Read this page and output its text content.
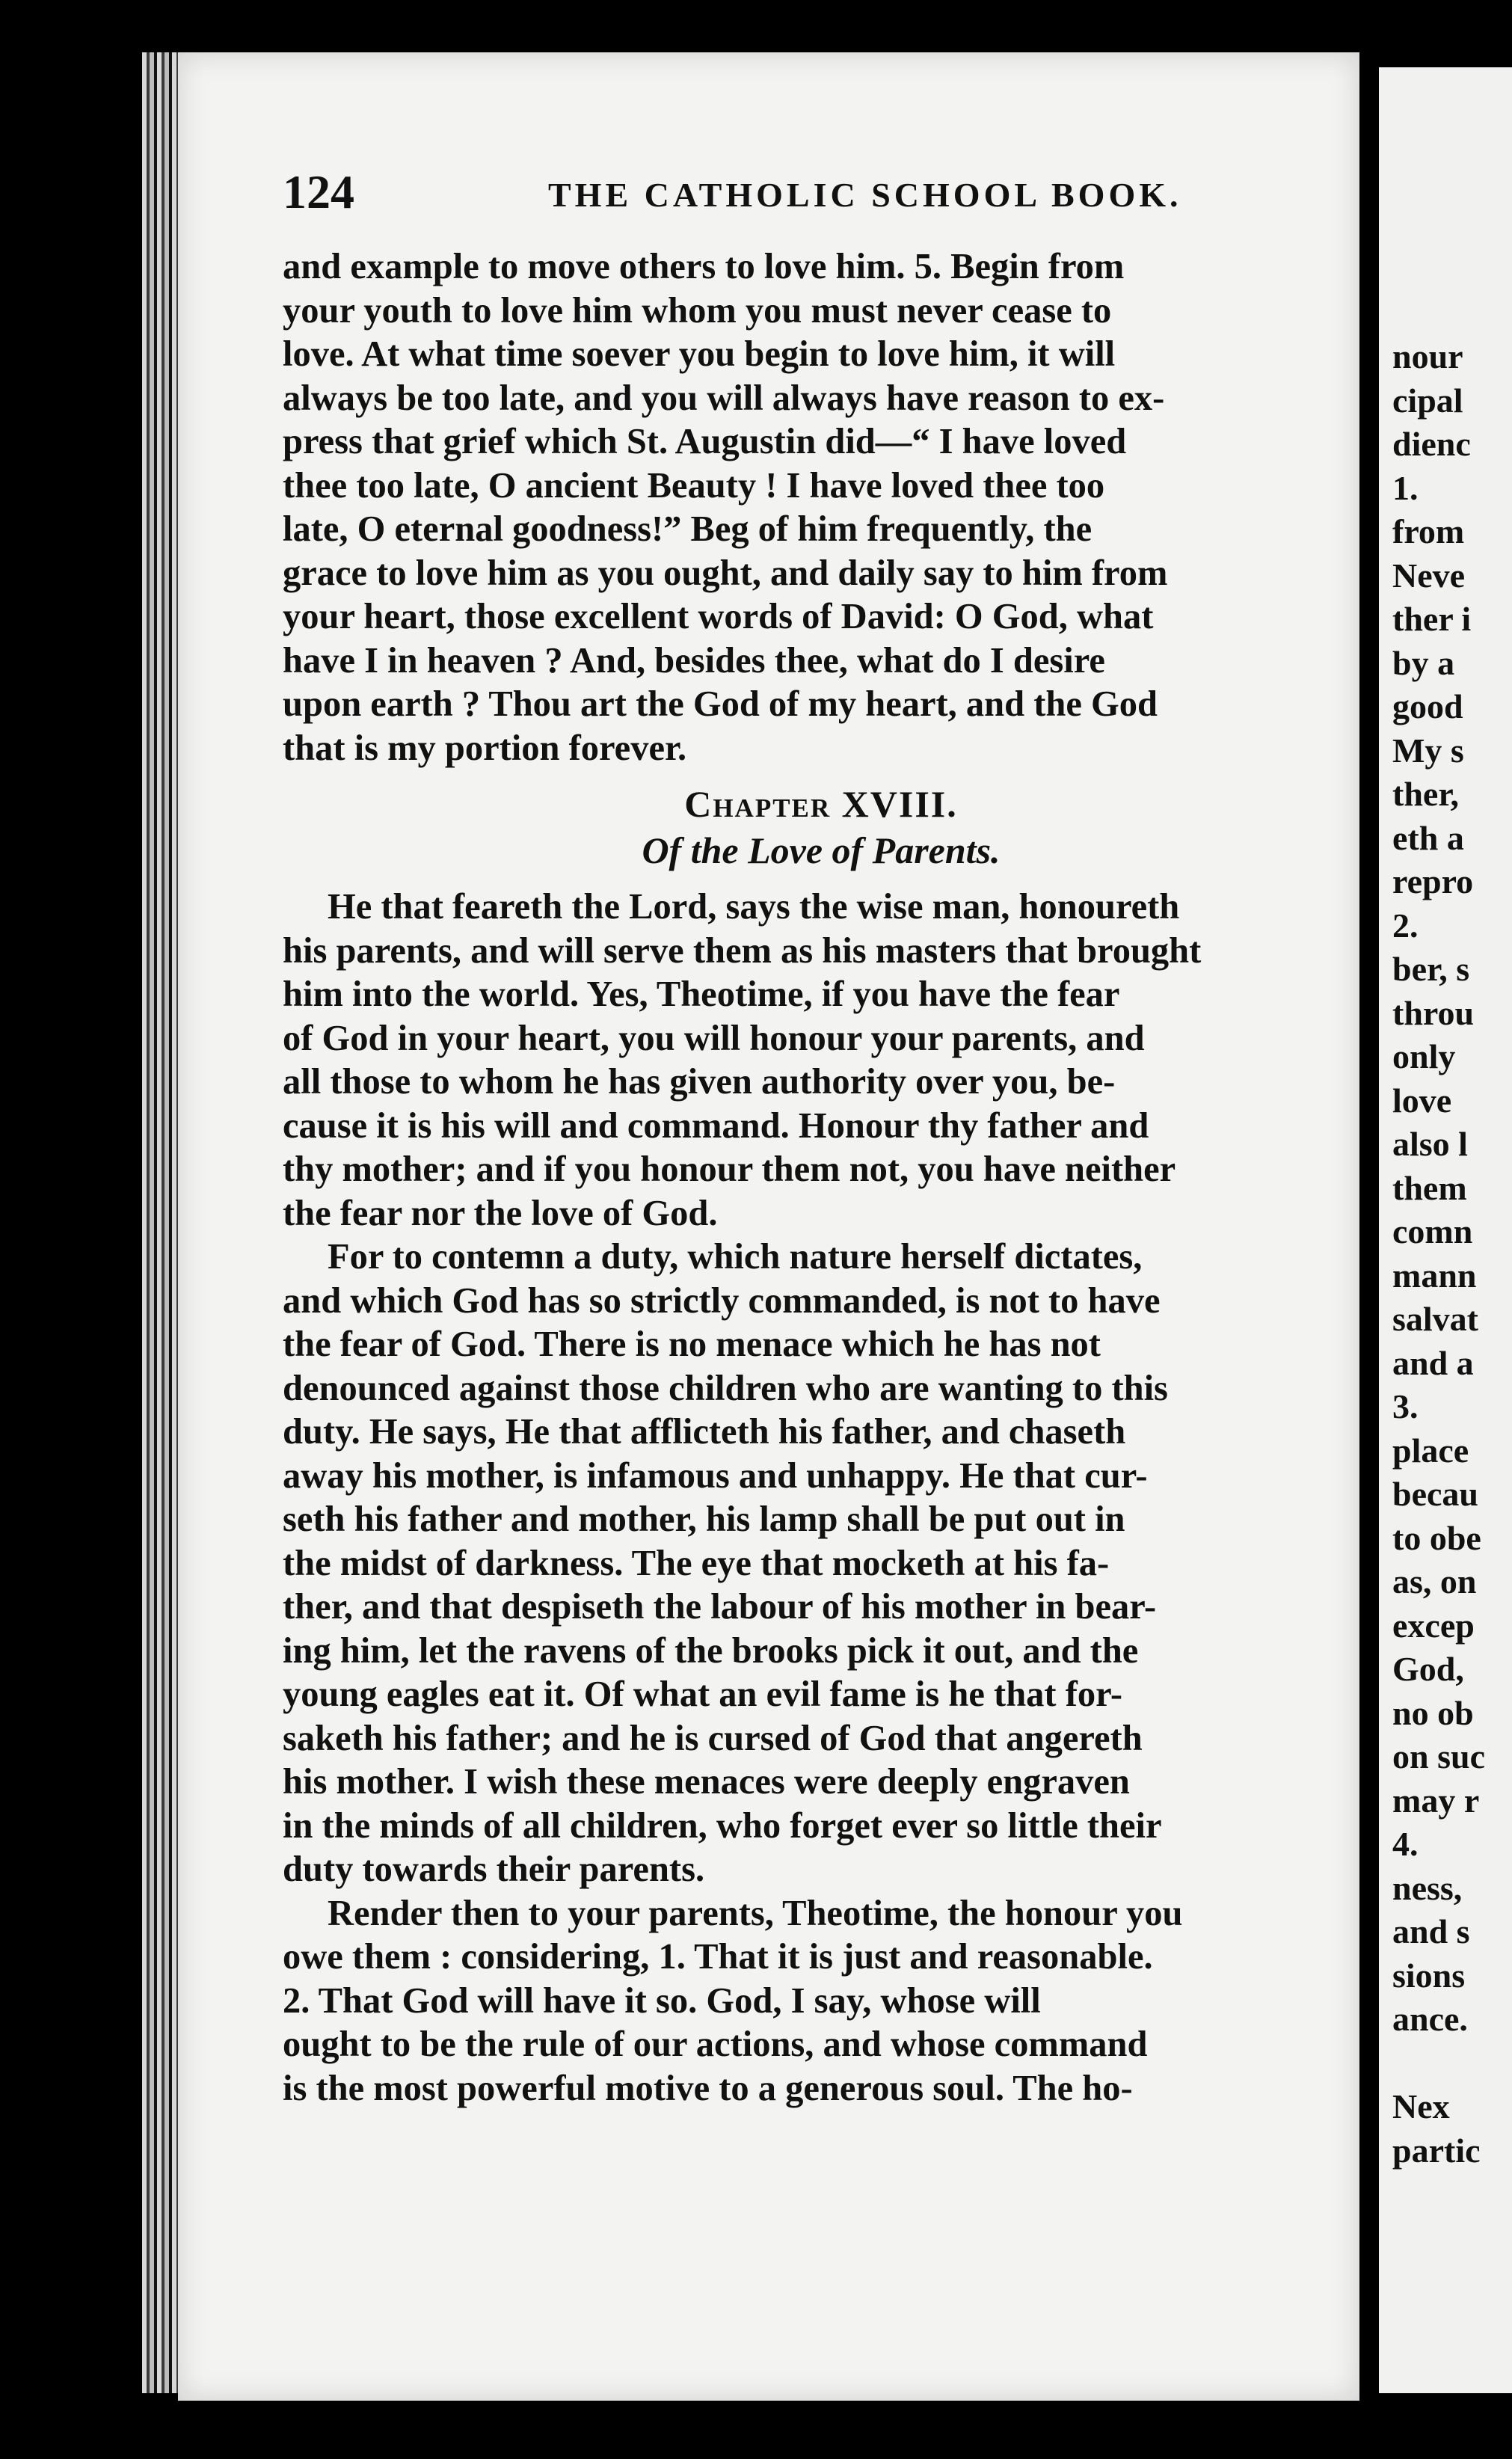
124	THE CATHOLIC SCHOOL BOOK.
and example to move others to love him. 5. Begin from
your youth to love him whom you must never cease to
love. At what time soever you begin to love him, it will
always be too late, and you will always have reason to ex-
press that grief which St. Augustin did—“ I have loved
thee too late, O ancient Beauty ! I have loved thee too
late, O eternal goodness!” Beg of him frequently, the
grace to love him as you ought, and daily say to him from
your heart, those excellent words of David: O God, what
have I in heaven ? And, besides thee, what do I desire
upon earth ? Thou art the God of my heart, and the God
that is my portion forever.
Chapter XVIII.
Of the Love of Parents.
He that feareth the Lord, says the wise man, honoureth
his parents, and will serve them as his masters that brought
him into the world. Yes, Theotime, if you have the fear
of God in your heart, you will honour your parents, and
all those to whom he has given authority over you, be-
cause it is his will and command. Honour thy father and
thy mother; and if you honour them not, you have neither
the fear nor the love of God.
For to contemn a duty, which nature herself dictates,
and which God has so strictly commanded, is not to have
the fear of God. There is no menace which he has not
denounced against those children who are wanting to this
duty. He says, He that afflicteth his father, and chaseth
away his mother, is infamous and unhappy. He that cur-
seth his father and mother, his lamp shall be put out in
the midst of darkness. The eye that mocketh at his fa-
ther, and that despiseth the labour of his mother in bear-
ing him, let the ravens of the brooks pick it out, and the
young eagles eat it. Of what an evil fame is he that for-
saketh his father; and he is cursed of God that angereth
his mother. I wish these menaces were deeply engraven
in the minds of all children, who forget ever so little their
duty towards their parents.
Render then to your parents, Theotime, the honour you
owe them : considering, 1. That it is just and reasonable.
2. That God will have it so. God, I say, whose will
ought to be the rule of our actions, and whose command
is the most powerful motive to a generous soul. The ho-
nour
cipal
dienc
1.
from
Neve
ther i
by a
good
My s
ther,
eth a
repro
2.
ber, s
throu
only
love
also l
them
comn
mann
salvat
and a
3.
place
becau
to obe
as, on
excep
God,
no ob
on suc
may r
4.
ness,
and s
sions
ance.

Nex
partic
